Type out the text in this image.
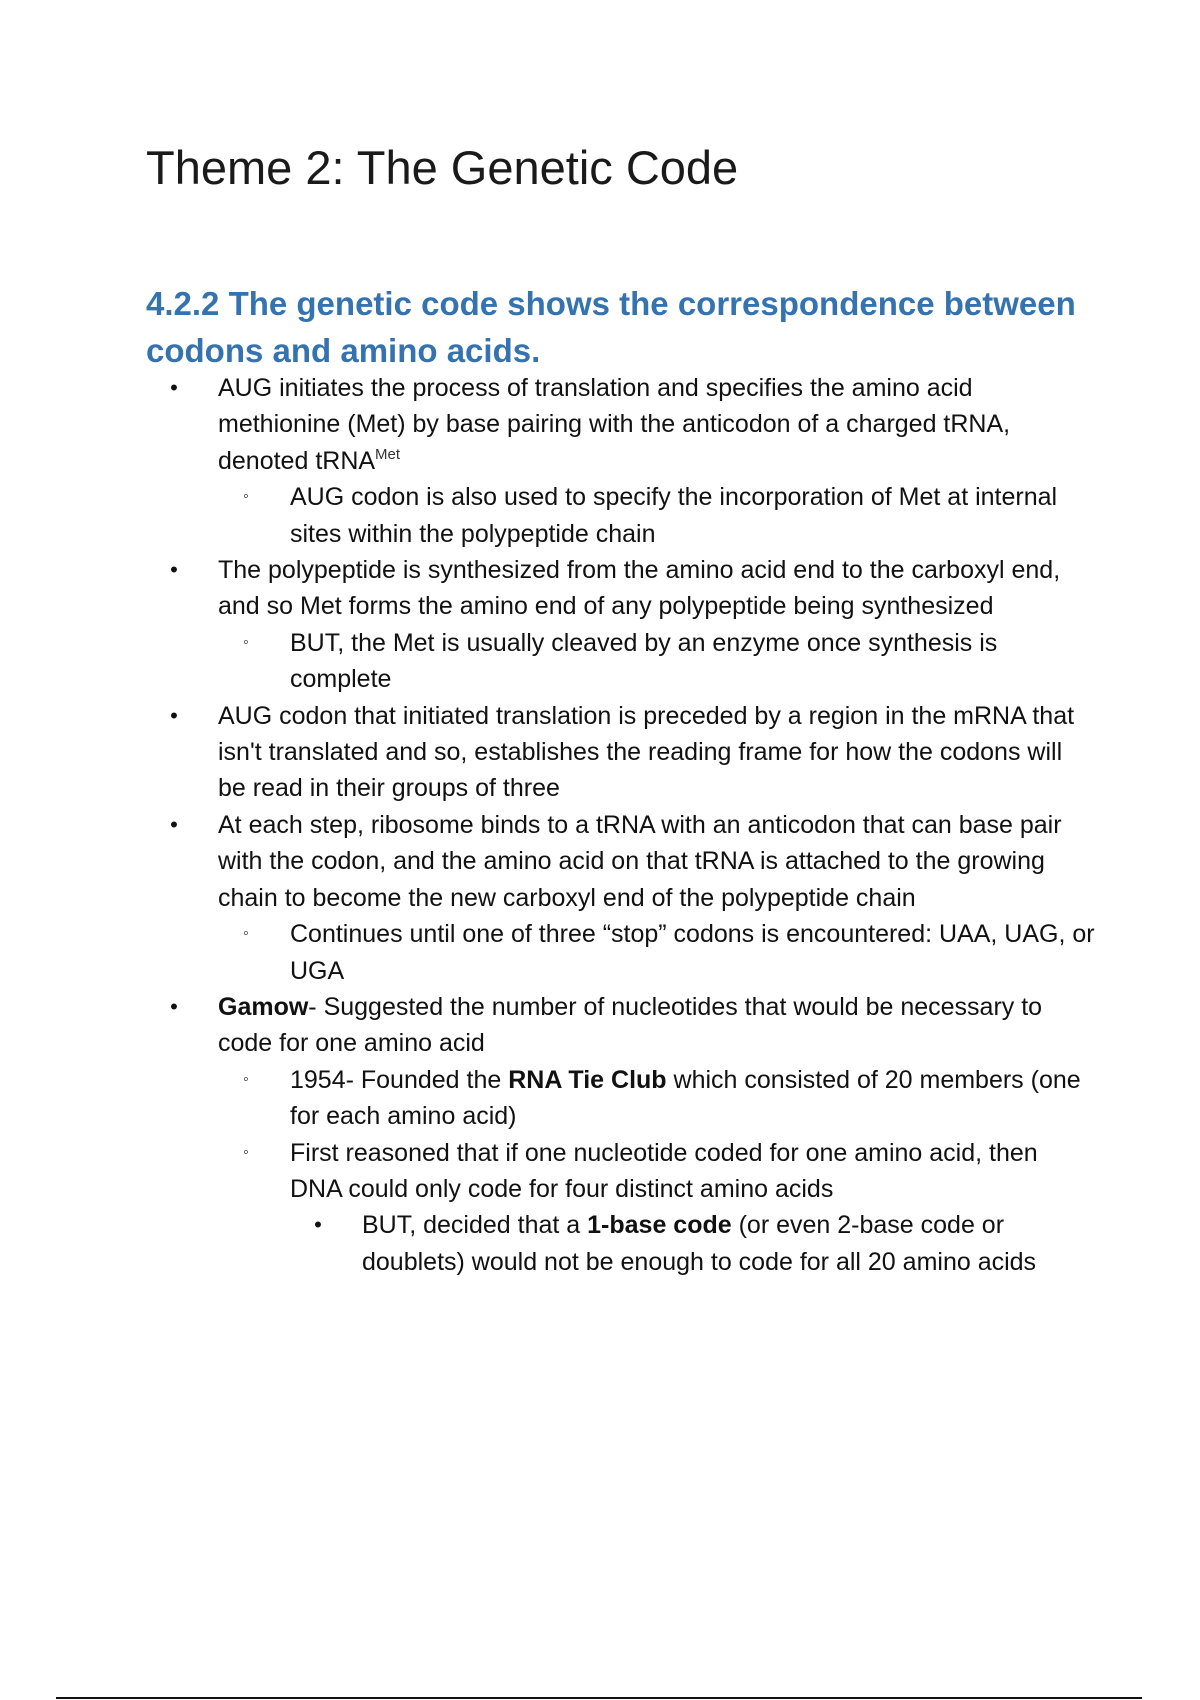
Theme 2: The Genetic Code
4.2.2 The genetic code shows the correspondence between codons and amino acids.
• AUG initiates the process of translation and specifies the amino acid methionine (Met) by base pairing with the anticodon of a charged tRNA, denoted tRNA$^{Met}$
◦ AUG codon is also used to specify the incorporation of Met at internal sites within the polypeptide chain
• The polypeptide is synthesized from the amino acid end to the carboxyl end, and so Met forms the amino end of any polypeptide being synthesized
◦ BUT, the Met is usually cleaved by an enzyme once synthesis is complete
• AUG codon that initiated translation is preceded by a region in the mRNA that isn't translated and so, establishes the reading frame for how the codons will be read in their groups of three
• At each step, ribosome binds to a tRNA with an anticodon that can base pair with the codon, and the amino acid on that tRNA is attached to the growing chain to become the new carboxyl end of the polypeptide chain
◦ Continues until one of three “stop” codons is encountered: UAA, UAG, or UGA
• Gamow- Suggested the number of nucleotides that would be necessary to code for one amino acid
◦ 1954- Founded the RNA Tie Club which consisted of 20 members (one for each amino acid)
◦ First reasoned that if one nucleotide coded for one amino acid, then DNA could only code for four distinct amino acids
• BUT, decided that a 1-base code (or even 2-base code or doublets) would not be enough to code for all 20 amino acids
